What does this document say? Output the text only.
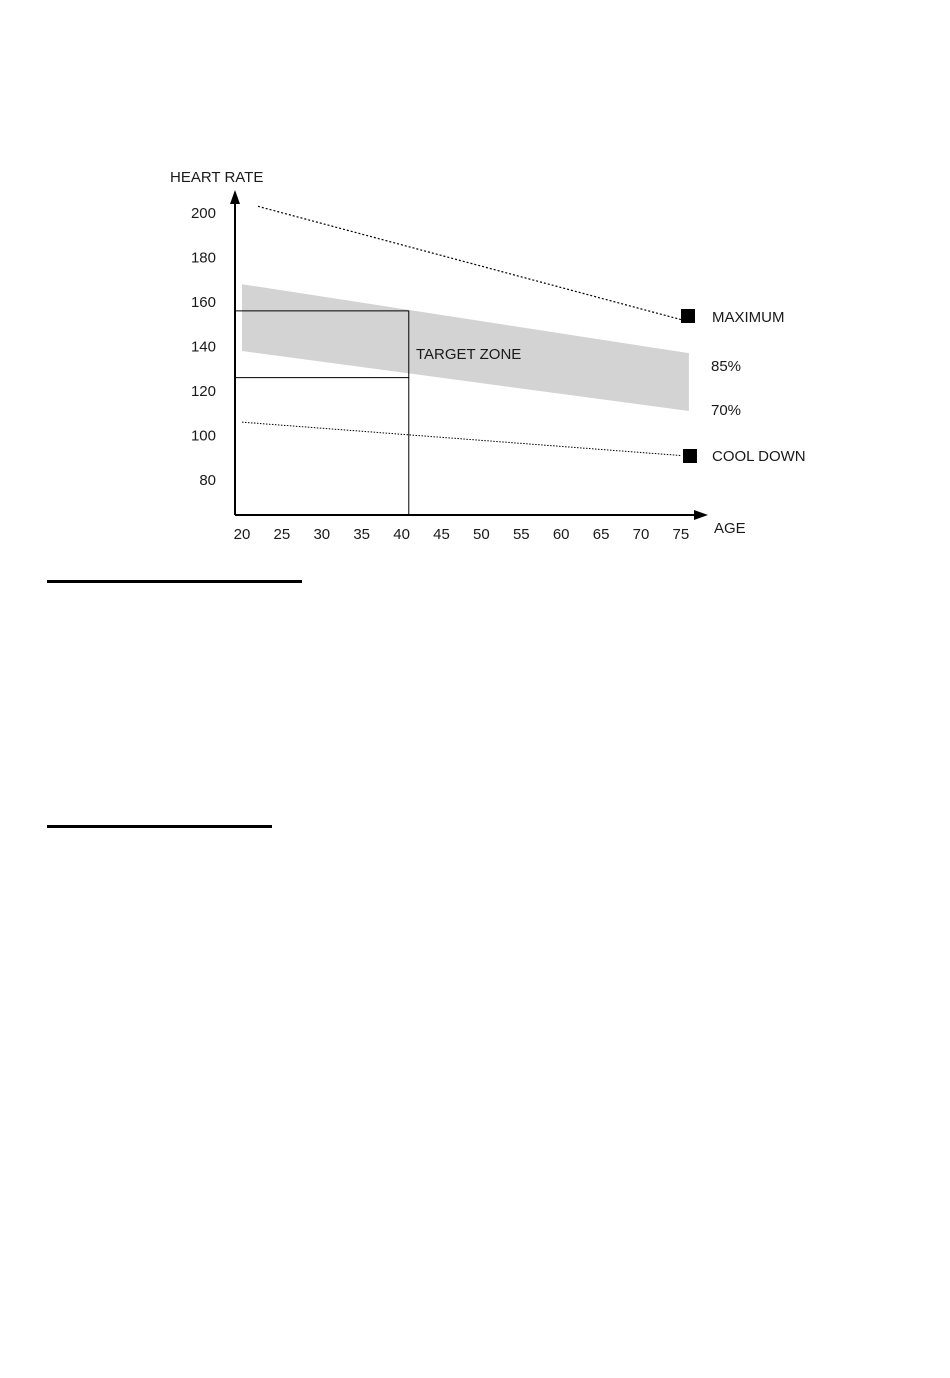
20 25 30 35 40 45 50 55 60 65 70 75
80
100
120
140
160
180
200
HEART RATE
AGE
TARGET ZONE
MAXIMUM
85%
70%
COOL DOWN
